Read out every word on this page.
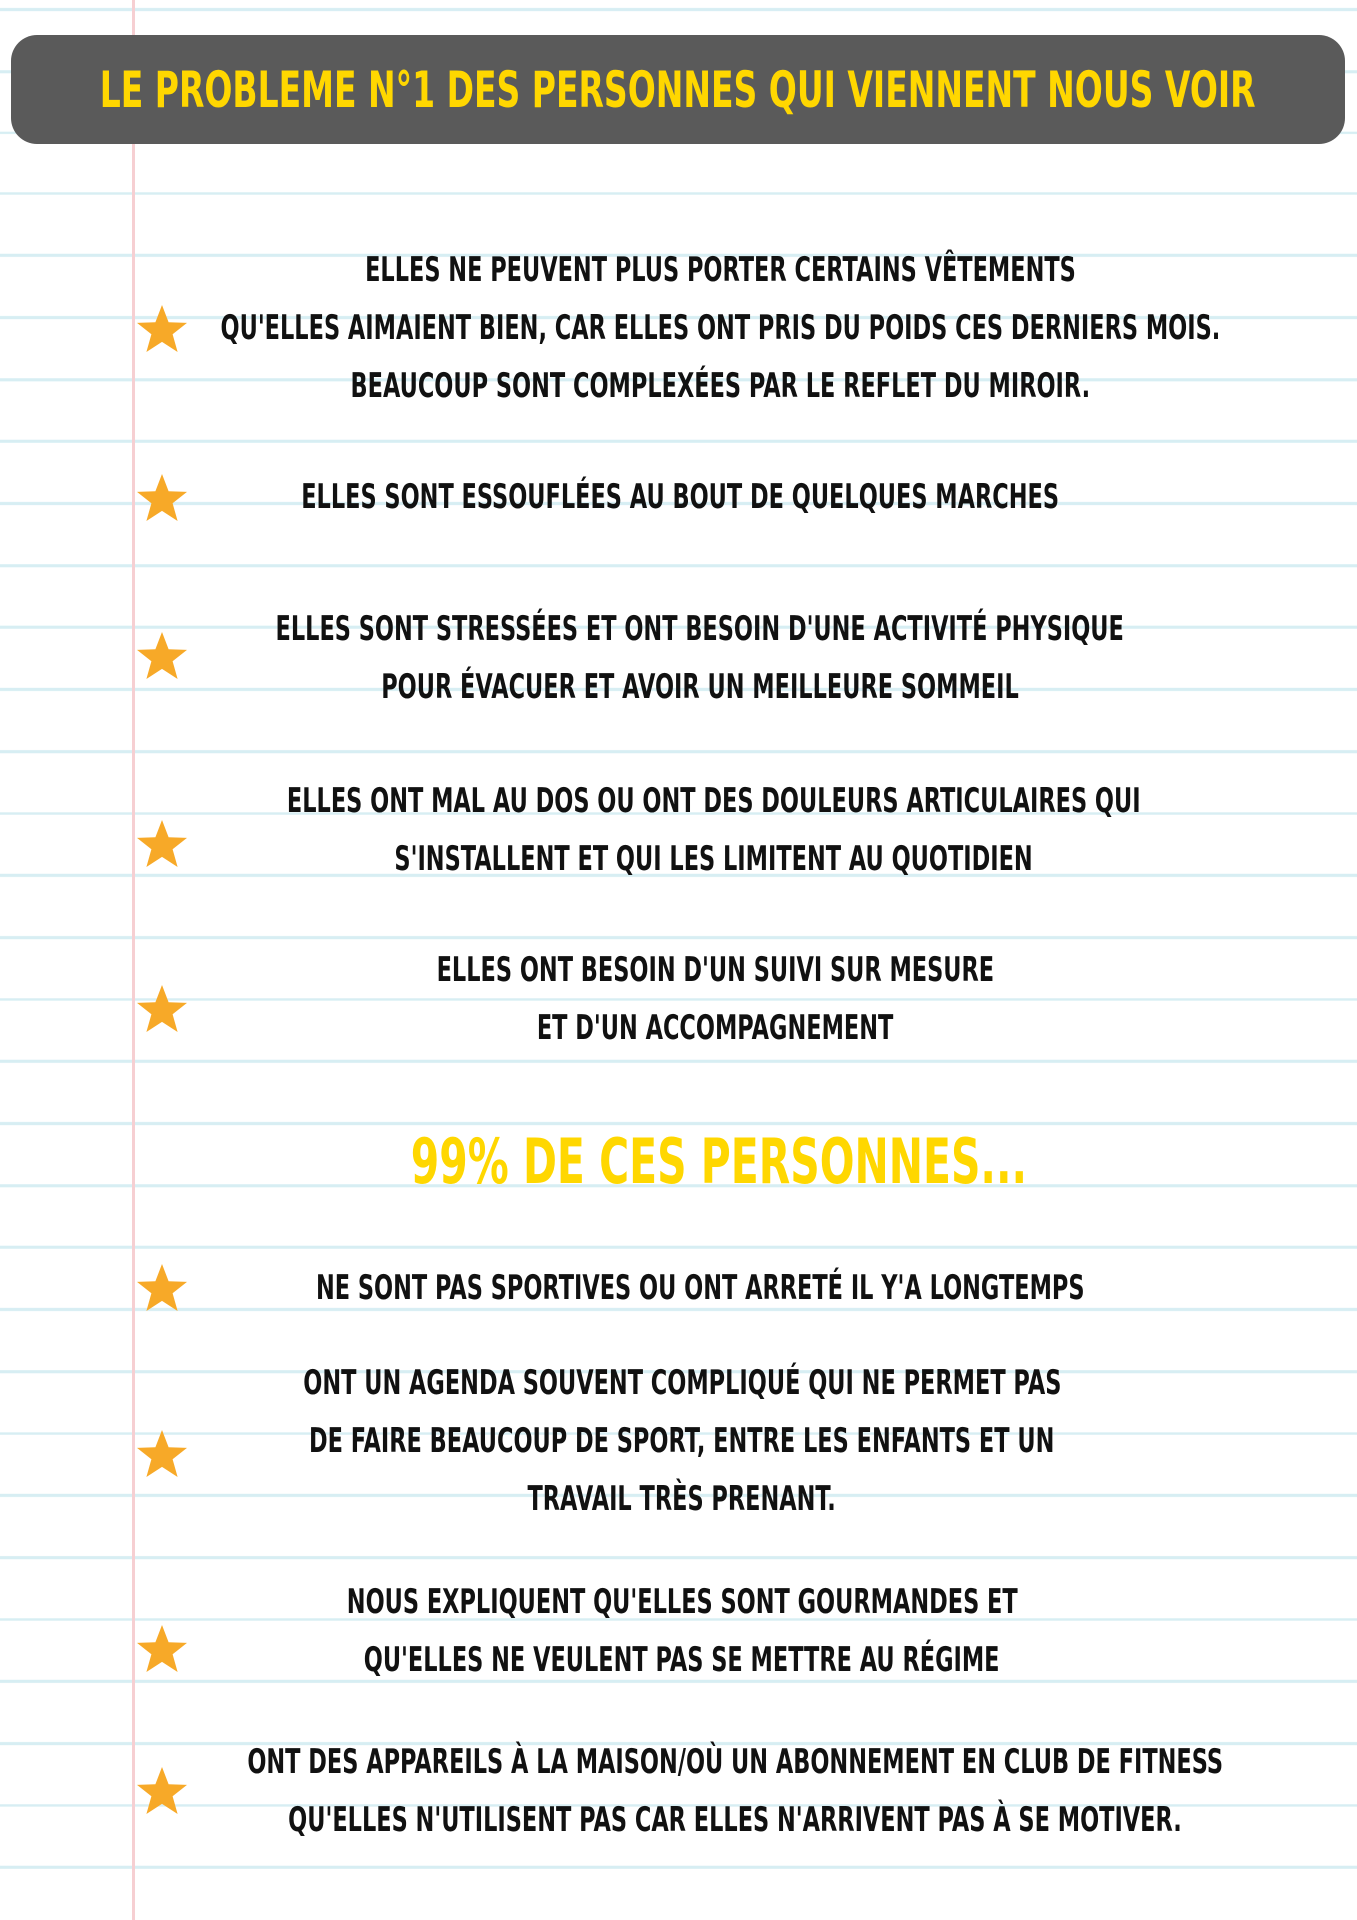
LE PROBLEME N°1 DES PERSONNES QUI VIENNENT NOUS VOIR
ELLES NE PEUVENT PLUS PORTER CERTAINS VÊTEMENTS
QU'ELLES AIMAIENT BIEN, CAR ELLES ONT PRIS DU POIDS CES DERNIERS MOIS.
BEAUCOUP SONT COMPLEXÉES PAR LE REFLET DU MIROIR.
ELLES SONT ESSOUFLÉES AU BOUT DE QUELQUES MARCHES
ELLES SONT STRESSÉES ET ONT BESOIN D'UNE ACTIVITÉ PHYSIQUE
POUR ÉVACUER ET AVOIR UN MEILLEURE SOMMEIL
ELLES ONT MAL AU DOS OU ONT DES DOULEURS ARTICULAIRES QUI
S'INSTALLENT ET QUI LES LIMITENT AU QUOTIDIEN
ELLES ONT BESOIN D'UN SUIVI SUR MESURE
ET D'UN ACCOMPAGNEMENT
99% DE CES PERSONNES...
NE SONT PAS SPORTIVES OU ONT ARRETÉ IL Y'A LONGTEMPS
ONT UN AGENDA SOUVENT COMPLIQUÉ QUI NE PERMET PAS
DE FAIRE BEAUCOUP DE SPORT, ENTRE LES ENFANTS ET UN
TRAVAIL TRÈS PRENANT.
NOUS EXPLIQUENT QU'ELLES SONT GOURMANDES ET
QU'ELLES NE VEULENT PAS SE METTRE AU RÉGIME
ONT DES APPAREILS À LA MAISON/OÙ UN ABONNEMENT EN CLUB DE FITNESS
QU'ELLES N'UTILISENT PAS CAR ELLES N'ARRIVENT PAS À SE MOTIVER.
